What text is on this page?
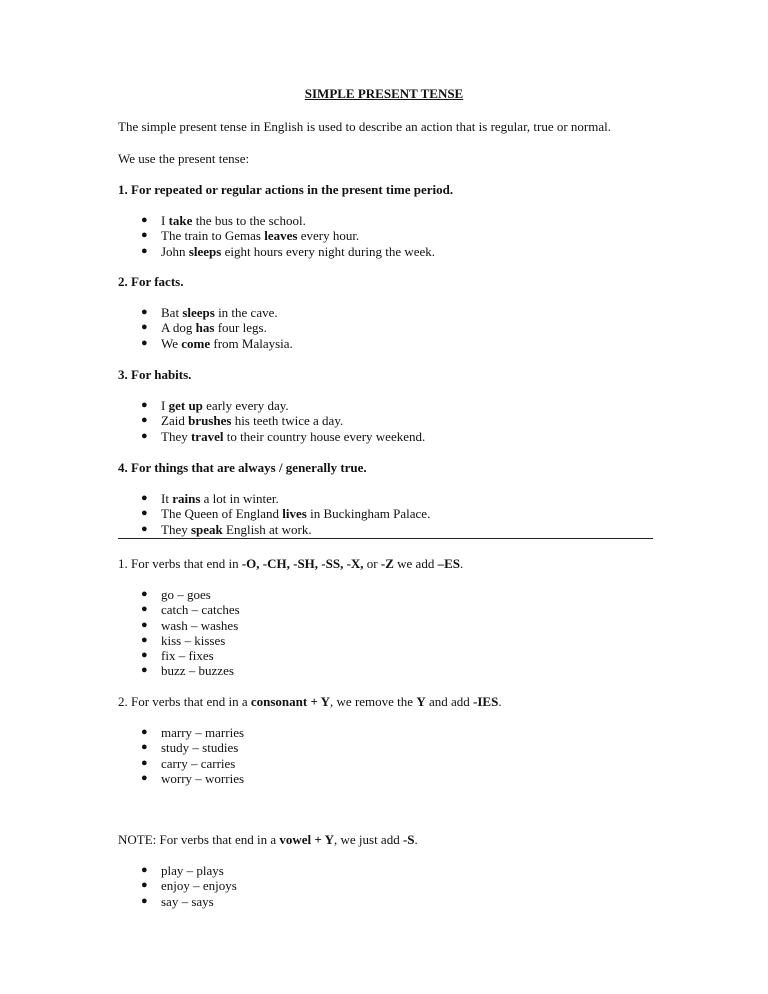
SIMPLE PRESENT TENSE
The simple present tense in English is used to describe an action that is regular, true or normal.
We use the present tense:
1. For repeated or regular actions in the present time period.
● I take the bus to the school.
● The train to Gemas leaves every hour.
● John sleeps eight hours every night during the week.
2. For facts.
● Bat sleeps in the cave.
● A dog has four legs.
● We come from Malaysia.
3. For habits.
● I get up early every day.
● Zaid brushes his teeth twice a day.
● They travel to their country house every weekend.
4. For things that are always / generally true.
● It rains a lot in winter.
● The Queen of England lives in Buckingham Palace.
● They speak English at work.
1. For verbs that end in -O, -CH, -SH, -SS, -X, or -Z we add –ES.
● go – goes
● catch – catches
● wash – washes
● kiss – kisses
● fix – fixes
● buzz – buzzes
2. For verbs that end in a consonant + Y, we remove the Y and add -IES.
● marry – marries
● study – studies
● carry – carries
● worry – worries
NOTE: For verbs that end in a vowel + Y, we just add -S.
● play – plays
● enjoy – enjoys
● say – says
